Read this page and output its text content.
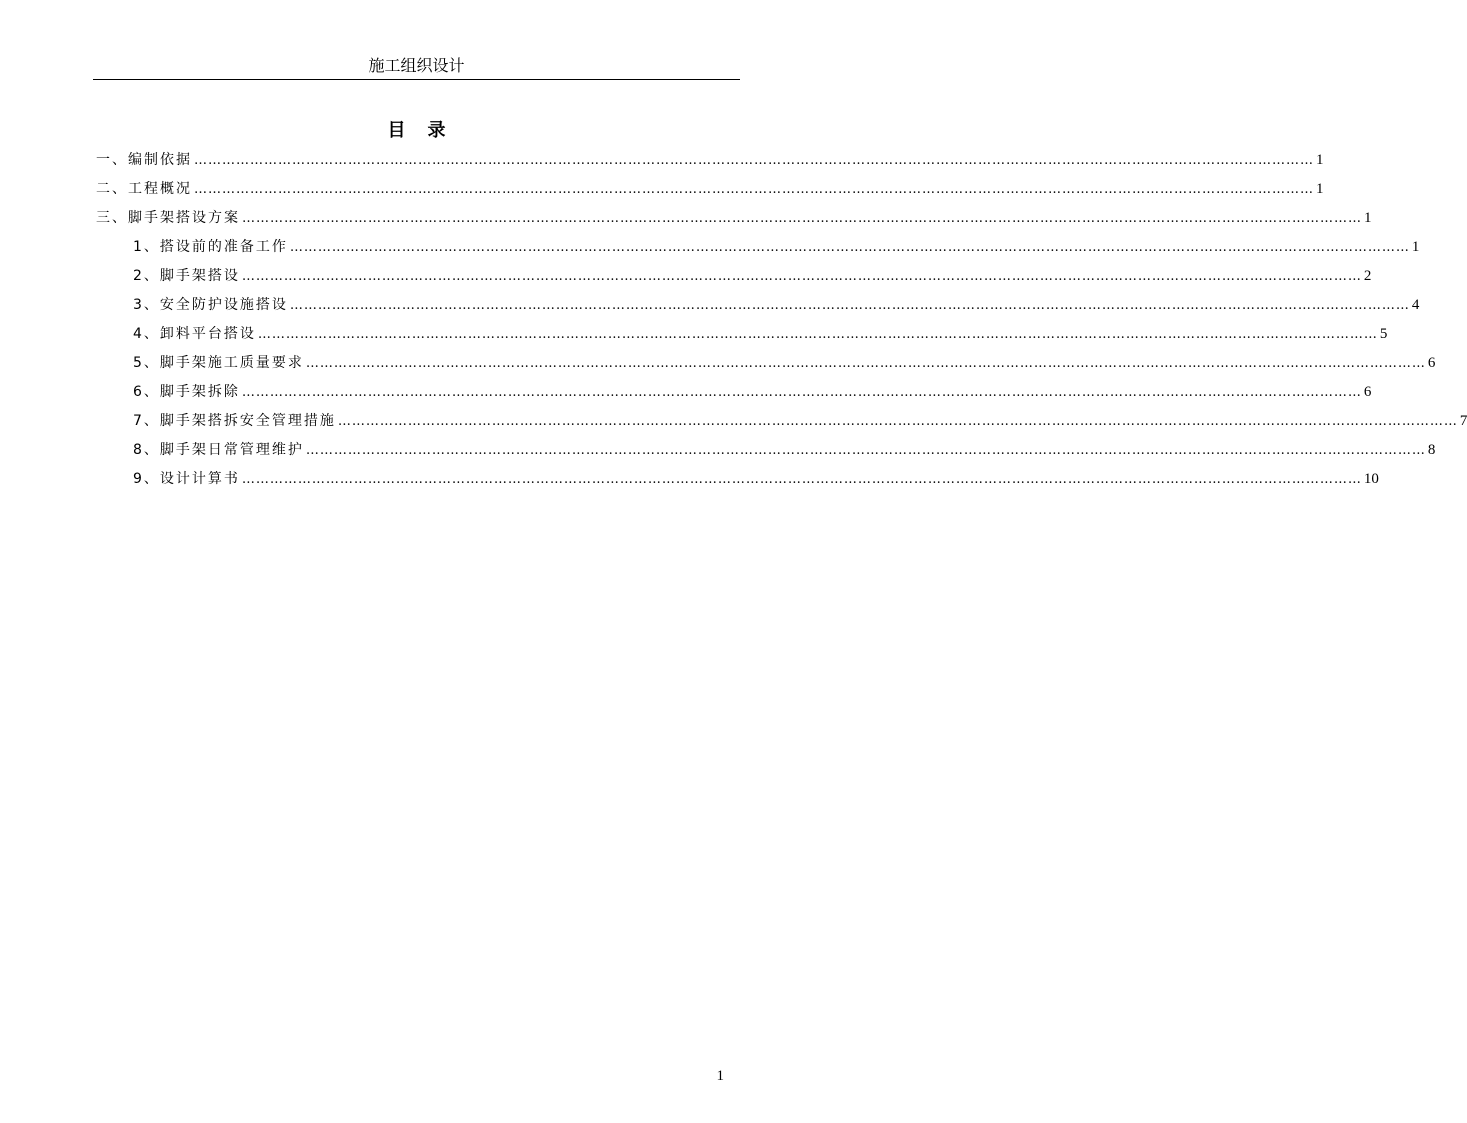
施工组织设计
目录
一、编制依据 …………………………………………………………………………………………………………………………………………………………………………………………………………………… 1
二、工程概况 …………………………………………………………………………………………………………………………………………………………………………………………………………………… 1
三、脚手架搭设方案 …………………………………………………………………………………………………………………………………………………………………………………………………………………… 1
1、搭设前的准备工作 …………………………………………………………………………………………………………………………………………………………………………………………………………………… 1
2、脚手架搭设 …………………………………………………………………………………………………………………………………………………………………………………………………………………… 2
3、安全防护设施搭设 …………………………………………………………………………………………………………………………………………………………………………………………………………………… 4
4、卸料平台搭设 …………………………………………………………………………………………………………………………………………………………………………………………………………………… 5
5、脚手架施工质量要求 …………………………………………………………………………………………………………………………………………………………………………………………………………………… 6
6、脚手架拆除 …………………………………………………………………………………………………………………………………………………………………………………………………………………… 6
7、脚手架搭拆安全管理措施 …………………………………………………………………………………………………………………………………………………………………………………………………………………… 7
8、脚手架日常管理维护 …………………………………………………………………………………………………………………………………………………………………………………………………………………… 8
9、设计计算书 …………………………………………………………………………………………………………………………………………………………………………………………………………………… 10
1
